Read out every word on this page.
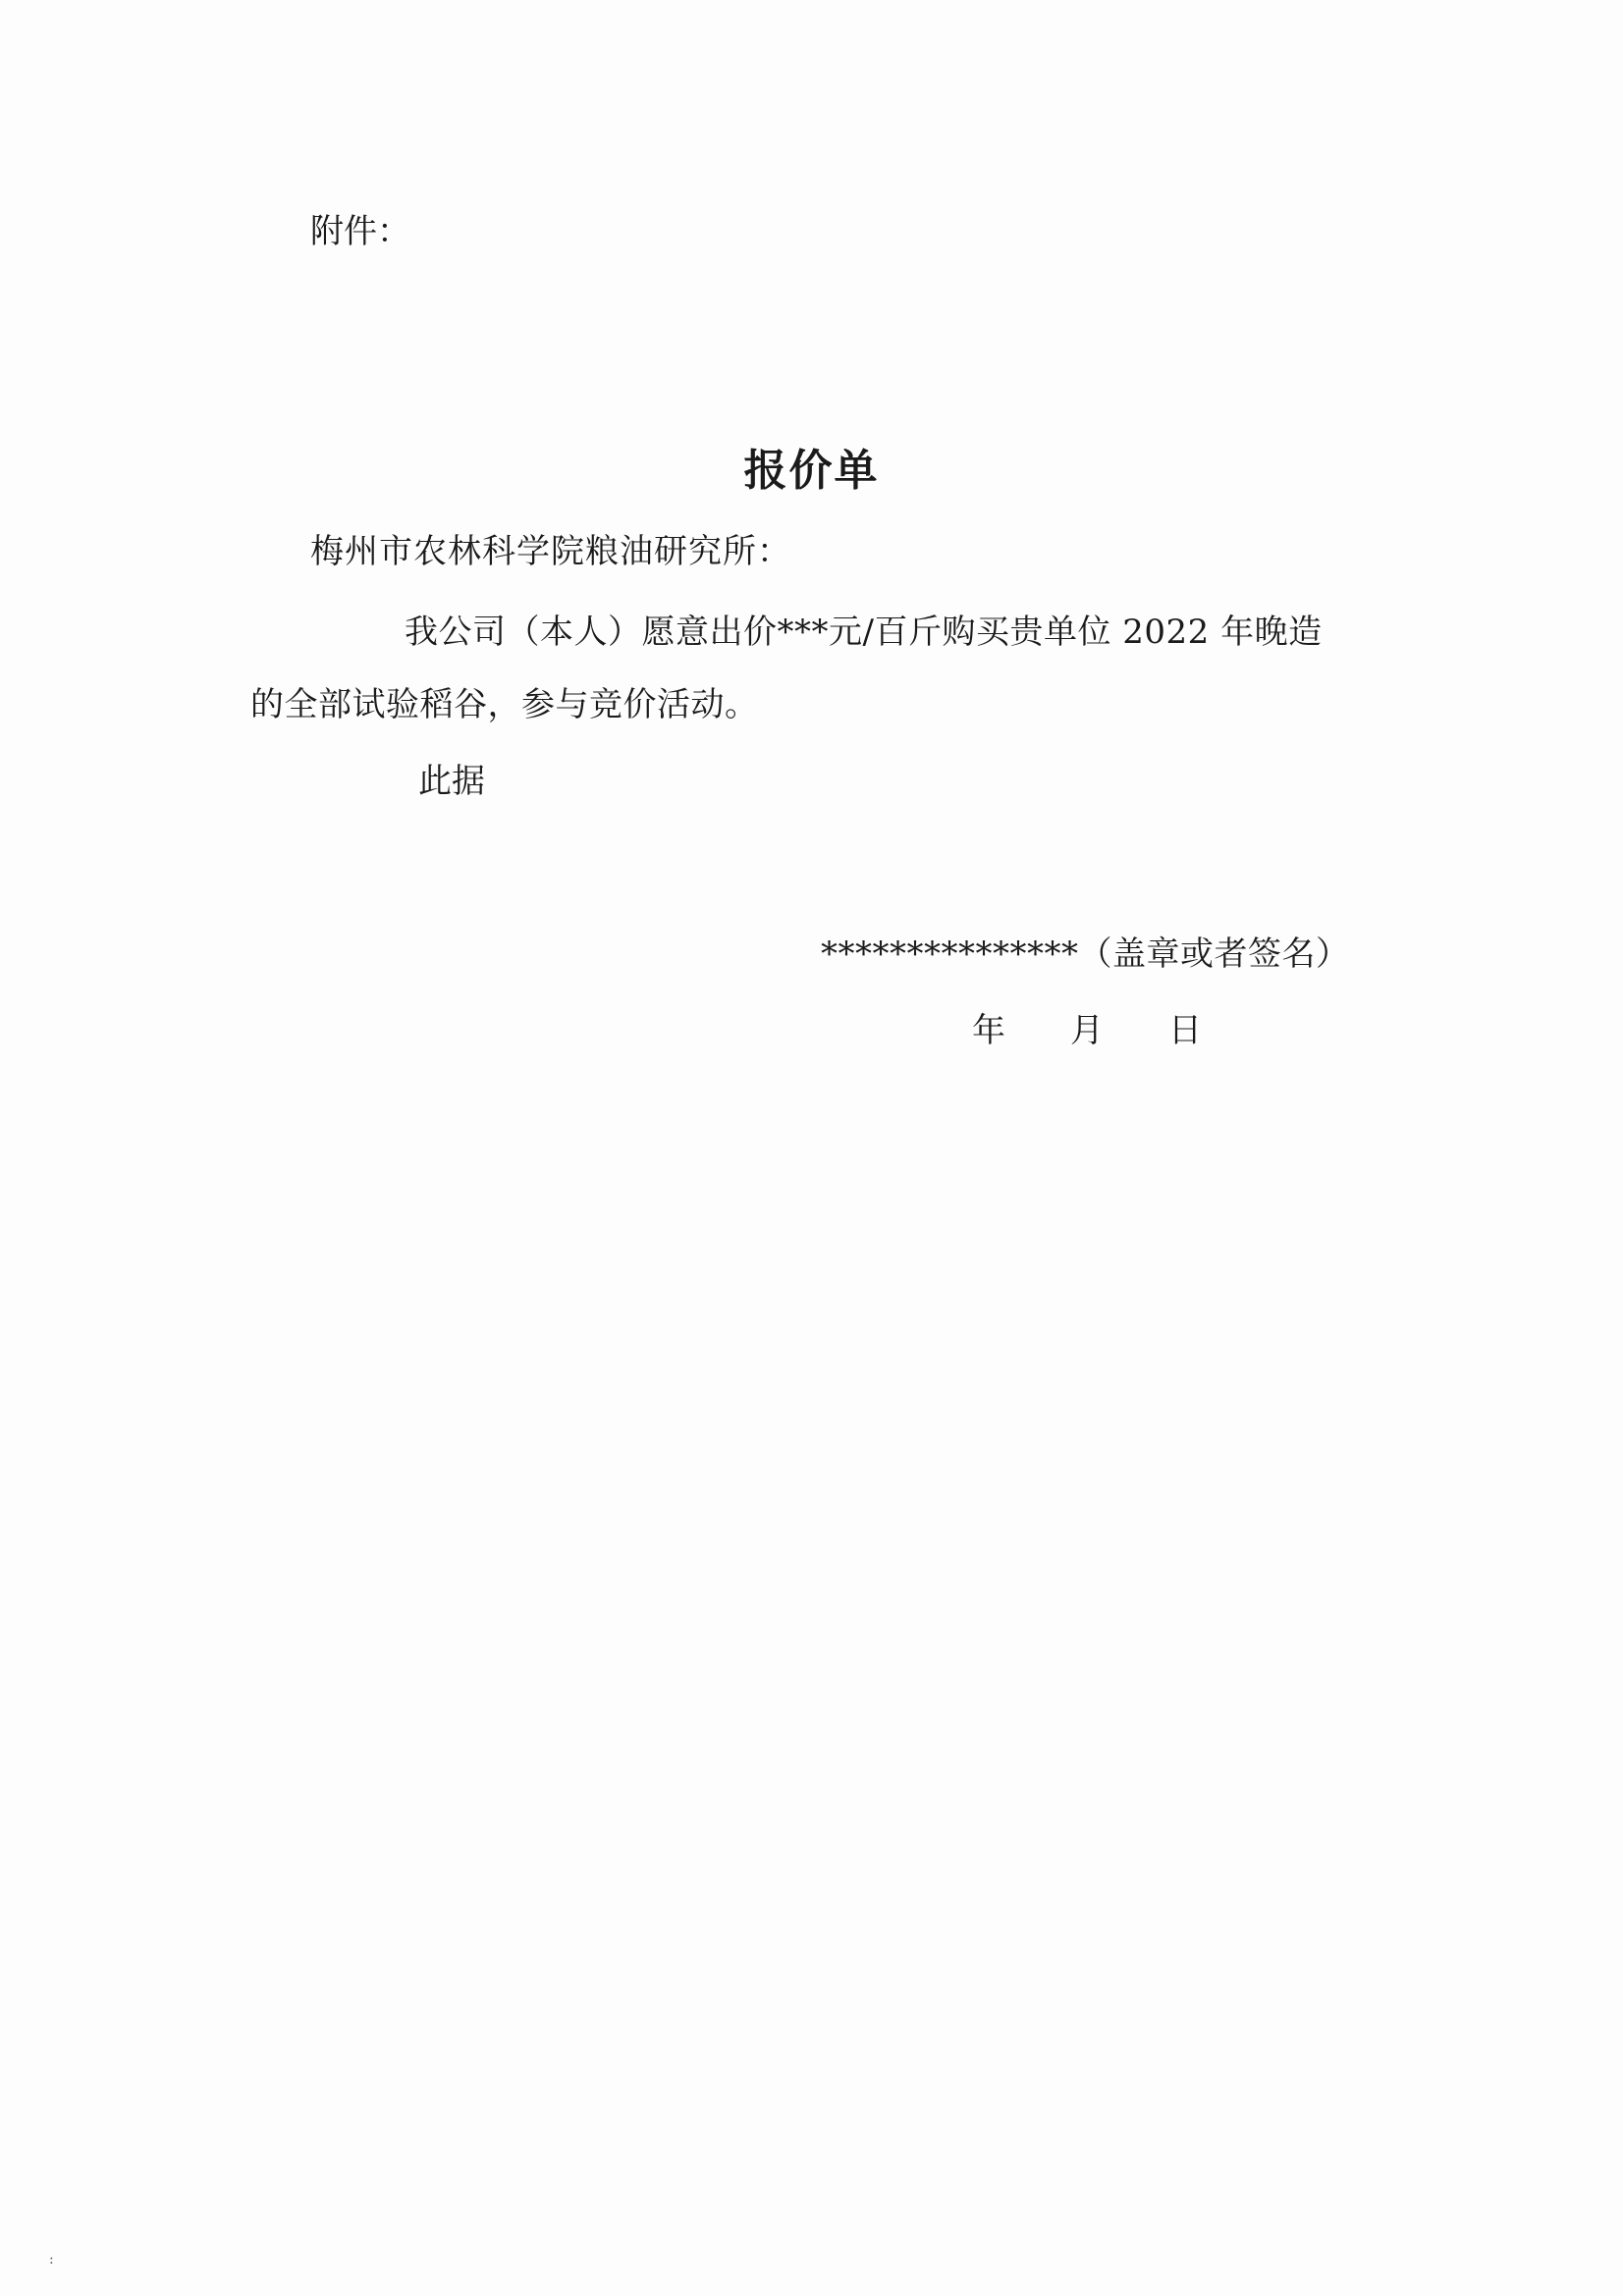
附件：
报价单
梅州市农林科学院粮油研究所：
我公司（本人）愿意出价***元/百斤购买贵单位 2022 年晚造
的全部试验稻谷，参与竞价活动。
此据
***************（盖章或者签名）
年 月 日
:
